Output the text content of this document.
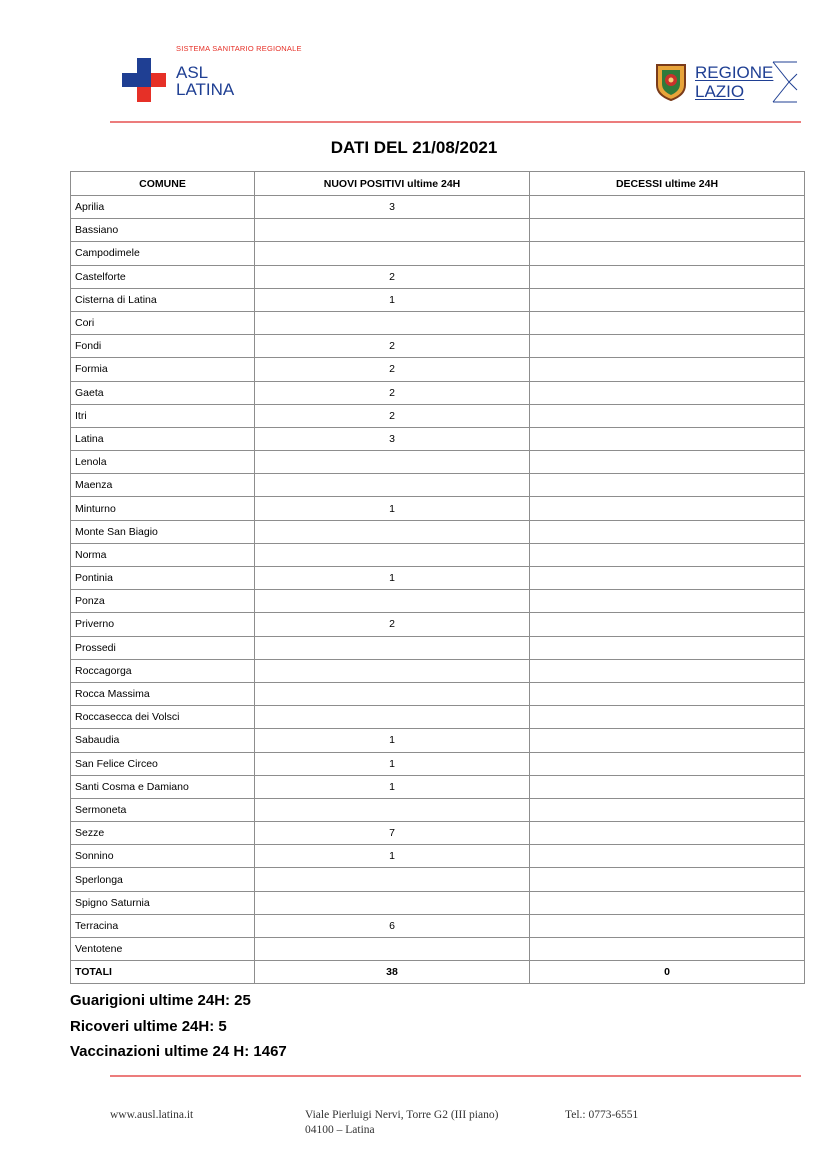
SISTEMA SANITARIO REGIONALE
ASL
LATINA
REGIONE
LAZIO
DATI DEL 21/08/2021
COMUNE	NUOVI POSITIVI ultime 24H	DECESSI ultime 24H
Aprilia	3	
Bassiano		
Campodimele		
Castelforte	2	
Cisterna di Latina	1	
Cori		
Fondi	2	
Formia	2	
Gaeta	2	
Itri	2	
Latina	3	
Lenola		
Maenza		
Minturno	1	
Monte San Biagio		
Norma		
Pontinia	1	
Ponza		
Priverno	2	
Prossedi		
Roccagorga		
Rocca Massima		
Roccasecca dei Volsci		
Sabaudia	1	
San Felice Circeo	1	
Santi Cosma e Damiano	1	
Sermoneta		
Sezze	7	
Sonnino	1	
Sperlonga		
Spigno Saturnia		
Terracina	6	
Ventotene		
TOTALI	38	0
Guarigioni ultime 24H: 25
Ricoveri ultime 24H: 5
Vaccinazioni ultime 24 H: 1467
www.ausl.latina.it	Viale Pierluigi Nervi, Torre G2 (III piano)
04100 – Latina
Tel.: 0773-6551
